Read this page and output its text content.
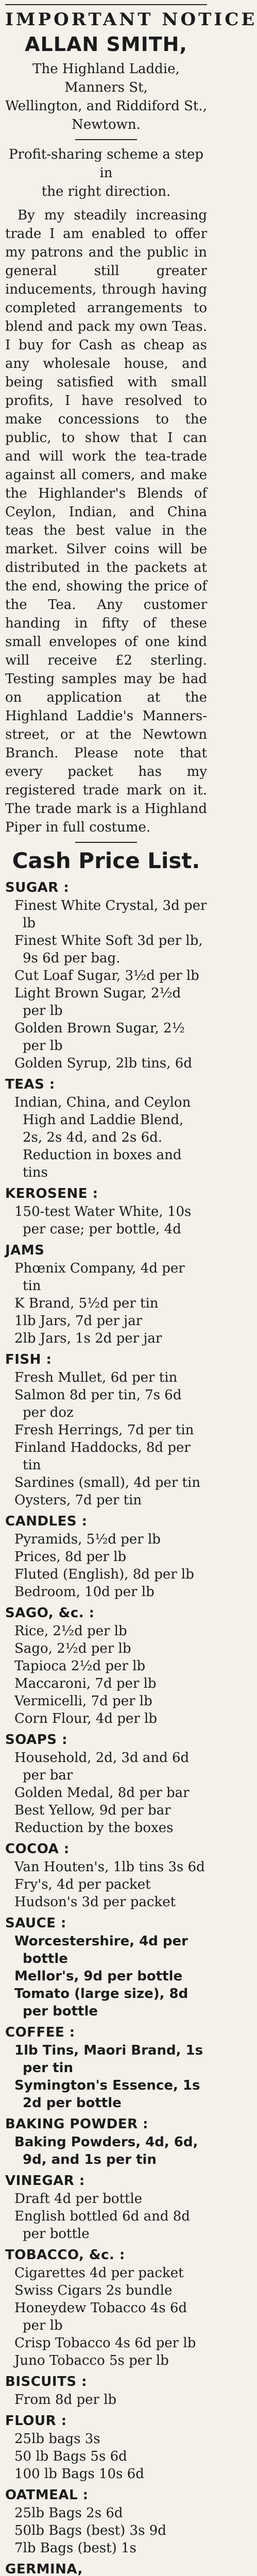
IMPORTANT NOTICE
ALLAN SMITH,
The Highland Laddie, Manners St,
Wellington, and Riddiford St.,
Newtown.
Profit-sharing scheme a step in
the right direction.
By my steadily increasing trade I am enabled to offer my patrons and the public in general still greater inducements, through having completed arrangements to blend and pack my own Teas. I buy for Cash as cheap as any wholesale house, and being satisfied with small profits, I have resolved to make concessions to the public, to show that I can and will work the tea-trade against all comers, and make the Highlander's Blends of Ceylon, Indian, and China teas the best value in the market. Silver coins will be distributed in the packets at the end, showing the price of the Tea. Any customer handing in fifty of these small envelopes of one kind will receive £2 sterling. Testing samples may be had on application at the Highland Laddie's Manners-street, or at the Newtown Branch. Please note that every packet has my registered trade mark on it. The trade mark is a Highland Piper in full costume.
Cash Price List.
SUGAR :
Finest White Crystal, 3d per lb
Finest White Soft 3d per lb, 9s 6d per bag.
Cut Loaf Sugar, 3½d per lb
Light Brown Sugar, 2½d per lb
Golden Brown Sugar, 2½ per lb
Golden Syrup, 2lb tins, 6d
TEAS :
Indian, China, and Ceylon High and Laddie Blend, 2s, 2s 4d, and 2s 6d. Reduction in boxes and tins
KEROSENE :
150-test Water White, 10s per case; per bottle, 4d
JAMS
Phœnix Company, 4d per tin
K Brand, 5½d per tin
1lb Jars, 7d per jar
2lb Jars, 1s 2d per jar
FISH :
Fresh Mullet, 6d per tin
Salmon 8d per tin, 7s 6d per doz
Fresh Herrings, 7d per tin
Finland Haddocks, 8d per tin
Sardines (small), 4d per tin
Oysters, 7d per tin
CANDLES :
Pyramids, 5½d per lb
Prices, 8d per lb
Fluted (English), 8d per lb
Bedroom, 10d per lb
SAGO, &c. :
Rice, 2½d per lb
Sago, 2½d per lb
Tapioca 2½d per lb
Maccaroni, 7d per lb
Vermicelli, 7d per lb
Corn Flour, 4d per lb
SOAPS :
Household, 2d, 3d and 6d per bar
Golden Medal, 8d per bar
Best Yellow, 9d per bar
Reduction by the boxes
COCOA :
Van Houten's, 1lb tins 3s 6d
Fry's, 4d per packet
Hudson's 3d per packet
SAUCE :
Worcestershire, 4d per bottle
Mellor's, 9d per bottle
Tomato (large size), 8d per bottle
COFFEE :
1lb Tins, Maori Brand, 1s per tin
Symington's Essence, 1s 2d per bottle
BAKING POWDER :
Baking Powders, 4d, 6d, 9d, and 1s per tin
VINEGAR :
Draft 4d per bottle
English bottled 6d and 8d per bottle
TOBACCO, &c. :
Cigarettes 4d per packet
Swiss Cigars 2s bundle
Honeydew Tobacco 4s 6d per lb
Crisp Tobacco 4s 6d per lb
Juno Tobacco 5s per lb
BISCUITS :
From 8d per lb
FLOUR :
25lb bags 3s
50 lb Bags 5s 6d
100 lb Bags 10s 6d
OATMEAL :
25lb Bags 2s 6d
50lb Bags (best) 3s 9d
7lb Bags (best) 1s
GERMINA,
